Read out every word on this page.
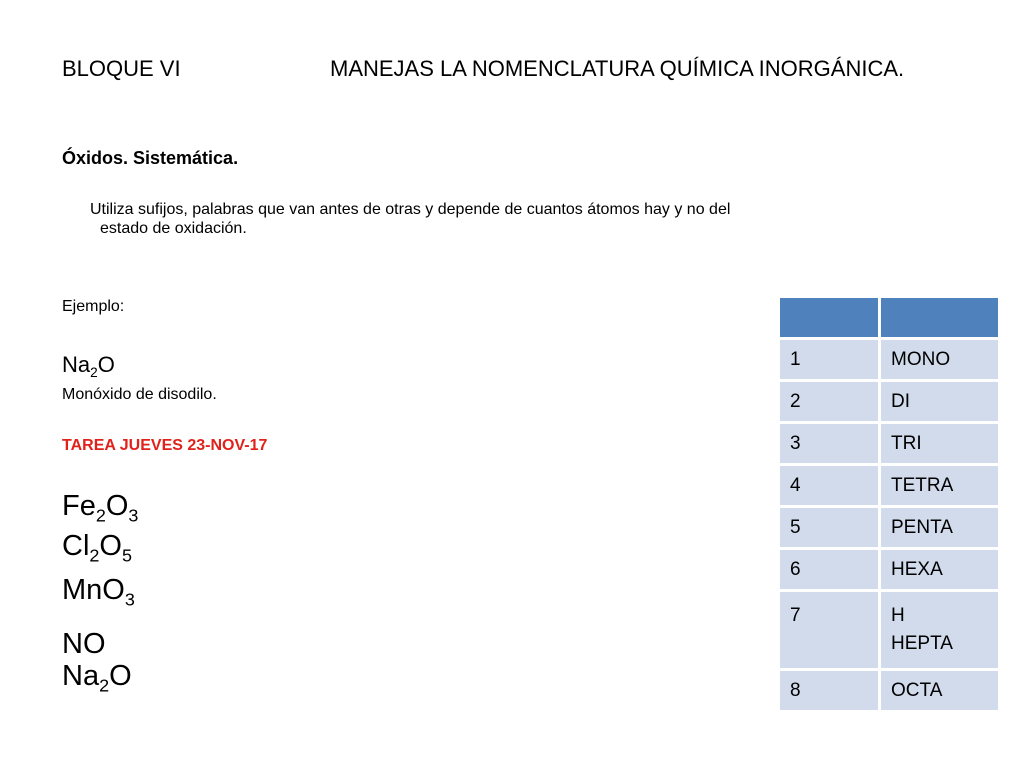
BLOQUE VI	MANEJAS LA NOMENCLATURA QUÍMICA INORGÁNICA.
Óxidos. Sistemática.
Utiliza sufijos, palabras que van antes de otras y depende de cuantos átomos hay y no del
estado de oxidación.
Ejemplo:
$Na_2O$
Monóxido de disodilo.
TAREA JUEVES 23-NOV-17
$Fe_2O_3$
$Cl_2O_5$
MnO$_3$
NO
$Na_2O$

1	MONO
2	DI
3	TRI
4	TETRA
5	PENTA
6	HEXA
7	H
HEPTA

8	OCTA
